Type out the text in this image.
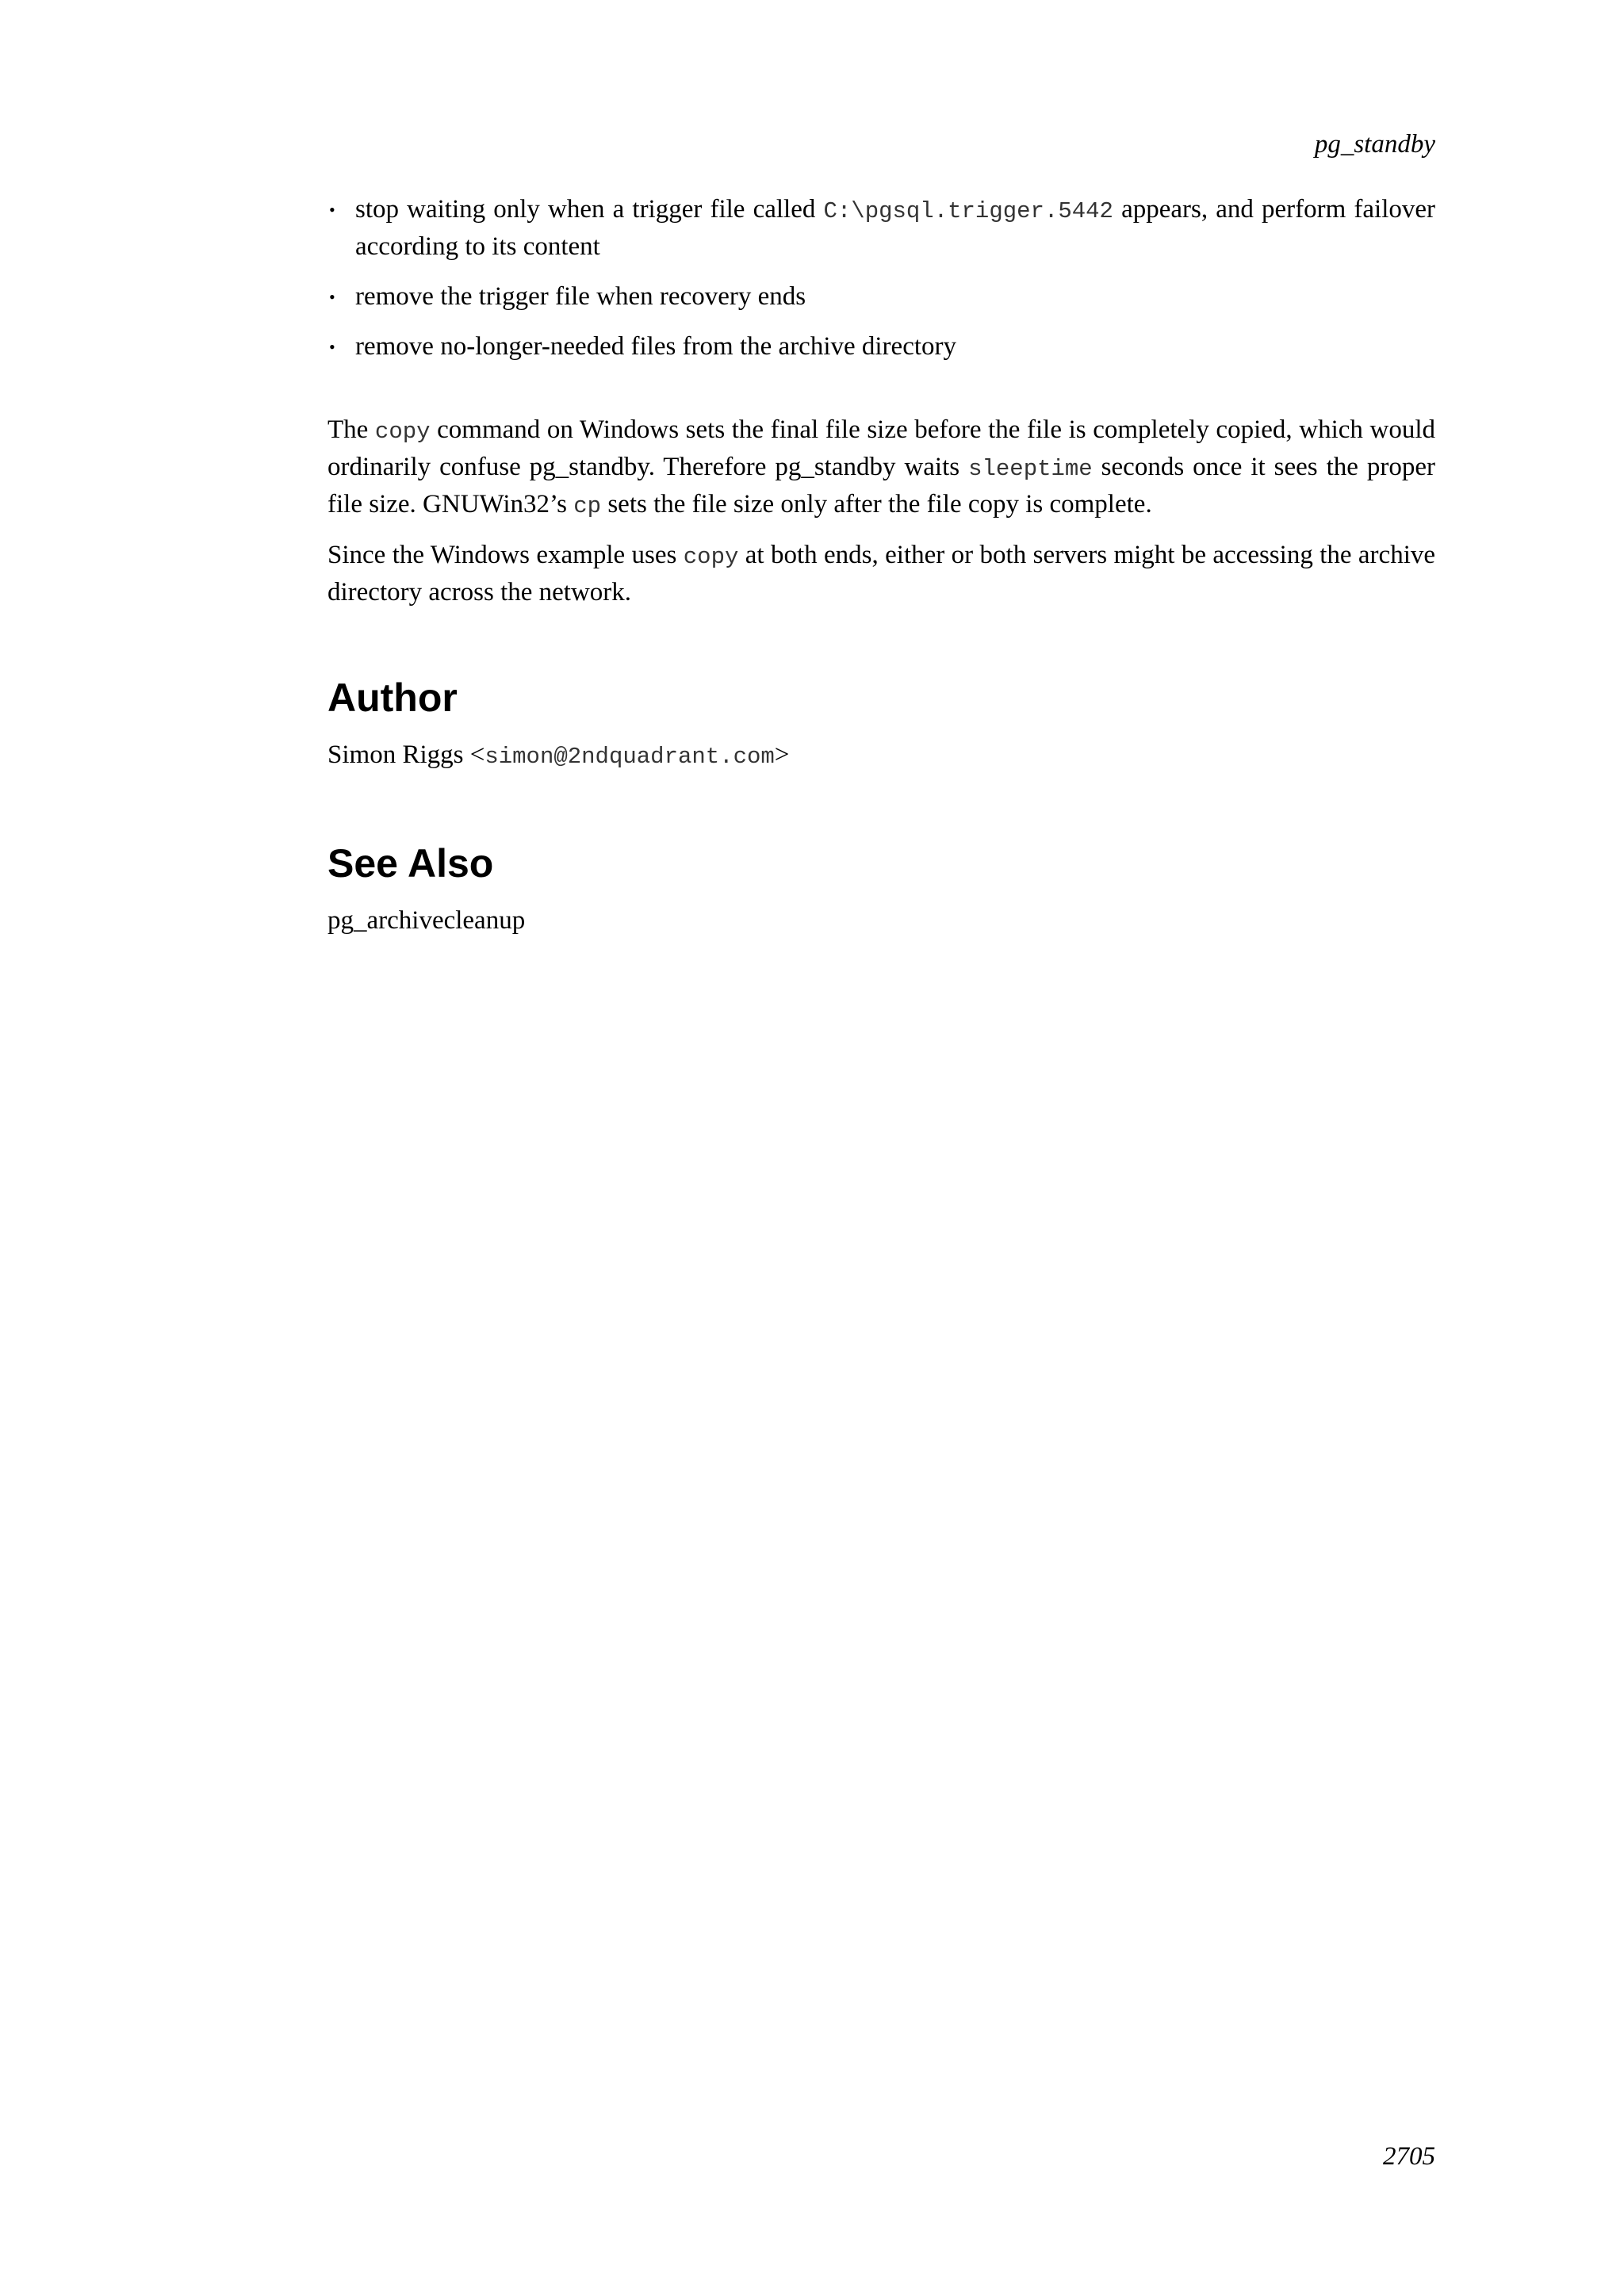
pg_standby
• stop waiting only when a trigger file called C:\pgsql.trigger.5442 appears, and perform failover according to its content
• remove the trigger file when recovery ends
• remove no-longer-needed files from the archive directory

The copy command on Windows sets the final file size before the file is completely copied, which would ordinarily confuse pg_standby. Therefore pg_standby waits sleeptime seconds once it sees the proper file size. GNUWin32’s cp sets the file size only after the file copy is complete.

Since the Windows example uses copy at both ends, either or both servers might be accessing the archive directory across the network.

Author

Simon Riggs <simon@2ndquadrant.com>

See Also

pg_archivecleanup

2705
